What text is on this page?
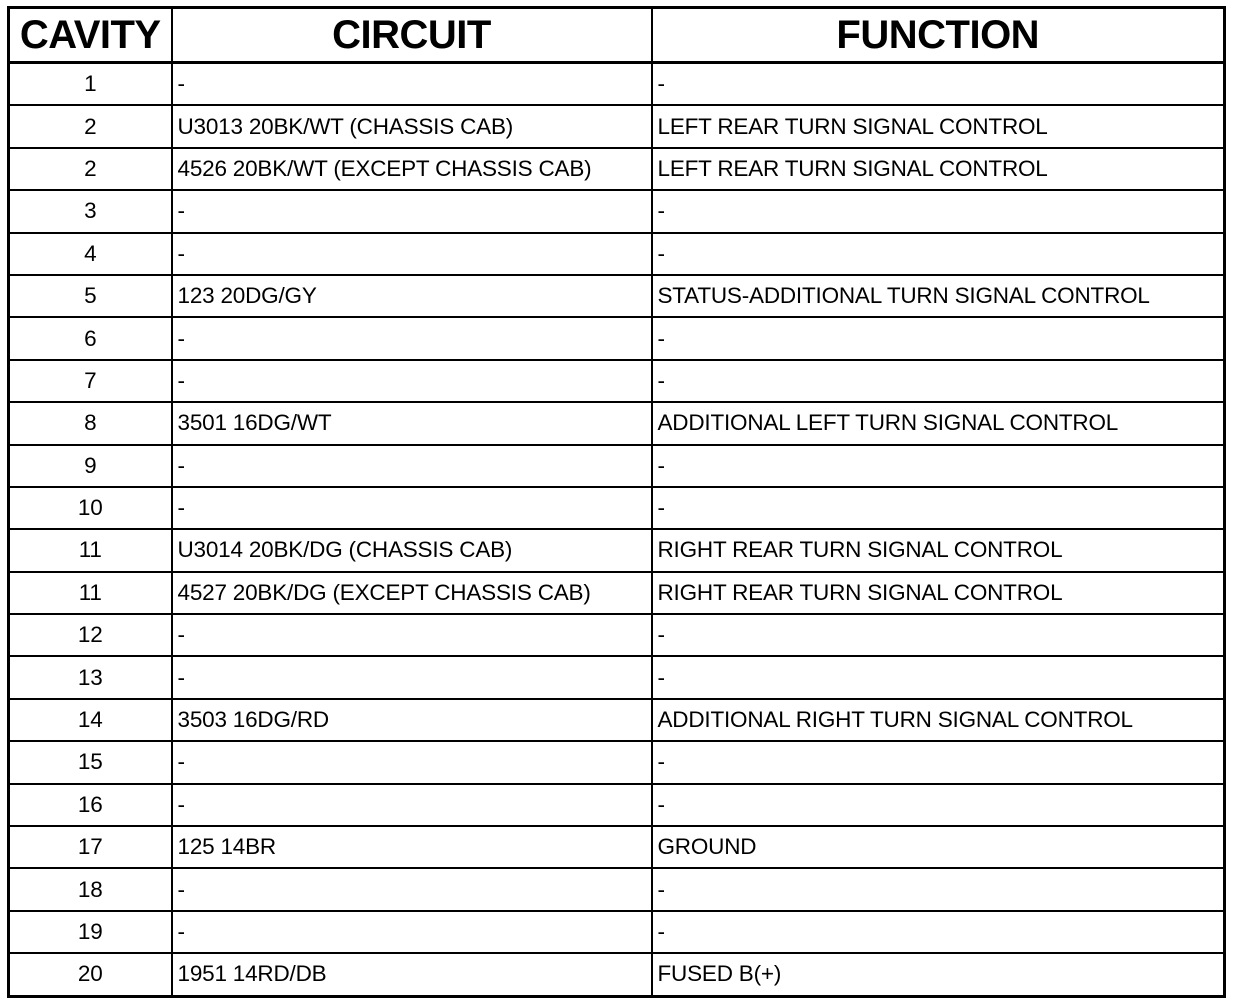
CAVITY	CIRCUIT	FUNCTION
1	-	-
2	U3013 20BK/WT (CHASSIS CAB)	LEFT REAR TURN SIGNAL CONTROL
2	4526 20BK/WT (EXCEPT CHASSIS CAB)	LEFT REAR TURN SIGNAL CONTROL
3	-	-
4	-	-
5	123 20DG/GY	STATUS-ADDITIONAL TURN SIGNAL CONTROL
6	-	-
7	-	-
8	3501 16DG/WT	ADDITIONAL LEFT TURN SIGNAL CONTROL
9	-	-
10	-	-
11	U3014 20BK/DG (CHASSIS CAB)	RIGHT REAR TURN SIGNAL CONTROL
11	4527 20BK/DG (EXCEPT CHASSIS CAB)	RIGHT REAR TURN SIGNAL CONTROL
12	-	-
13	-	-
14	3503 16DG/RD	ADDITIONAL RIGHT TURN SIGNAL CONTROL
15	-	-
16	-	-
17	125 14BR	GROUND
18	-	-
19	-	-
20	1951 14RD/DB	FUSED B(+)
